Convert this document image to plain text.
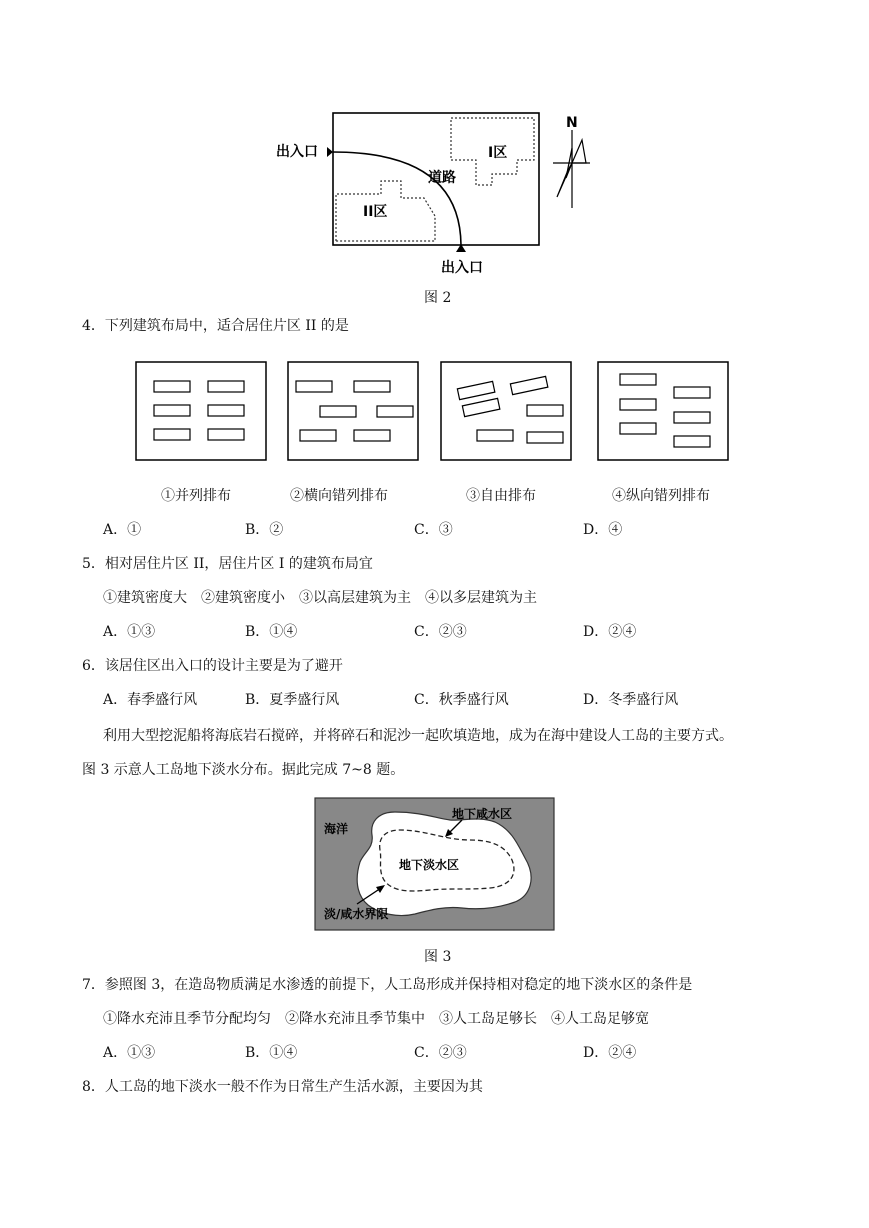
出入口
出入口
道路
I区
II区
N
图 2
4．下列建筑布局中，适合居住片区 II 的是
①并列排布	②横向错列排布	③自由排布	④纵向错列排布
A．①	B．②	C．③	D．④
5．相对居住片区 II，居住片区 I 的建筑布局宜
①建筑密度大　②建筑密度小　③以高层建筑为主　④以多层建筑为主
A．①③	B．①④	C．②③	D．②④
6．该居住区出入口的设计主要是为了避开
A．春季盛行风	B．夏季盛行风	C．秋季盛行风	D．冬季盛行风
利用大型挖泥船将海底岩石搅碎，并将碎石和泥沙一起吹填造地，成为在海中建设人工岛的主要方式。
图 3 示意人工岛地下淡水分布。据此完成 7~8 题。
海洋
地下咸水区
地下淡水区
淡/咸水界限
图 3
7．参照图 3，在造岛物质满足水渗透的前提下，人工岛形成并保持相对稳定的地下淡水区的条件是
①降水充沛且季节分配均匀　②降水充沛且季节集中　③人工岛足够长　④人工岛足够宽
A．①③	B．①④	C．②③	D．②④
8．人工岛的地下淡水一般不作为日常生产生活水源，主要因为其
